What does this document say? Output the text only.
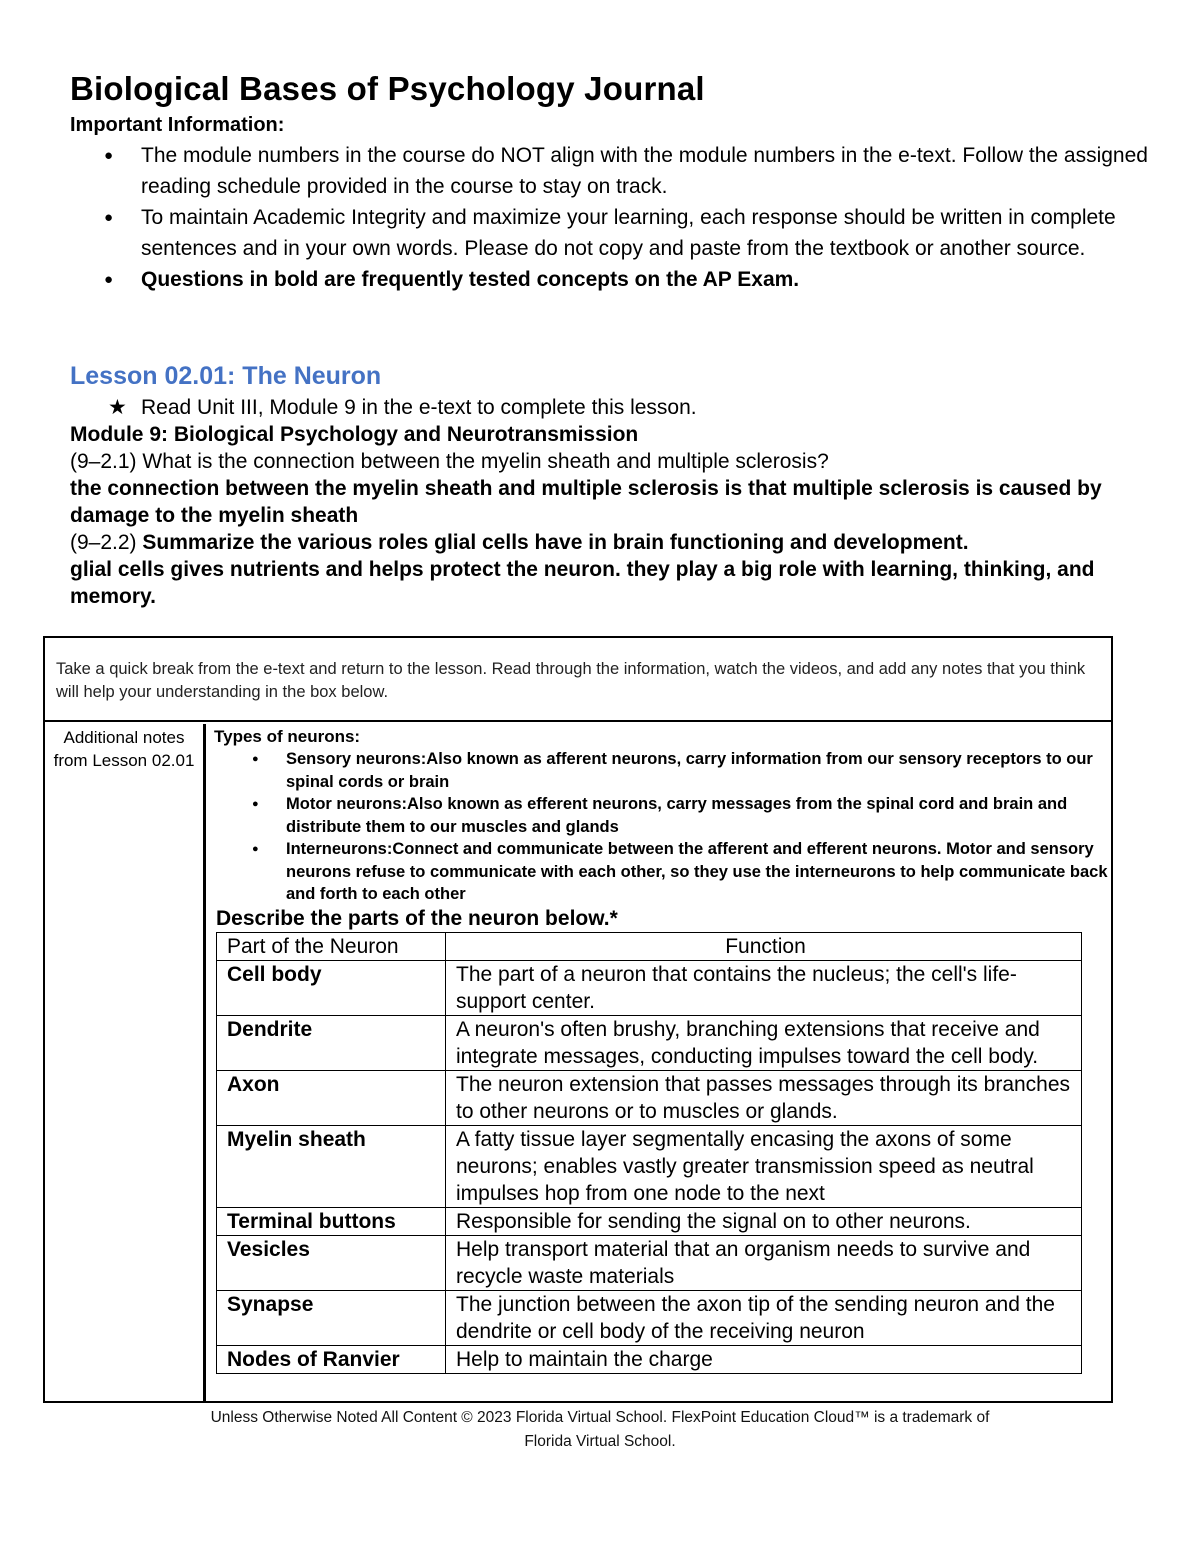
Biological Bases of Psychology Journal
Important Information:
● The module numbers in the course do NOT align with the module numbers in the e-text. Follow the assigned reading schedule provided in the course to stay on track.
● To maintain Academic Integrity and maximize your learning, each response should be written in complete sentences and in your own words. Please do not copy and paste from the textbook or another source.
● Questions in bold are frequently tested concepts on the AP Exam.
Lesson 02.01: The Neuron
★ Read Unit III, Module 9 in the e-text to complete this lesson.

Module 9: Biological Psychology and Neurotransmission

(9–2.1) What is the connection between the myelin sheath and multiple sclerosis?

the connection between the myelin sheath and multiple sclerosis is that multiple sclerosis is caused by damage to the myelin sheath

(9–2.2) Summarize the various roles glial cells have in brain functioning and development.

glial cells gives nutrients and helps protect the neuron. they play a big role with learning, thinking, and memory.

Take a quick break from the e-text and return to the lesson. Read through the information, watch the videos, and add any notes that you think will help your understanding in the box below.
Additional notes from Lesson 02.01
Types of neurons:
● Sensory neurons:Also known as afferent neurons, carry information from our sensory receptors to our spinal cords or brain
● Motor neurons:Also known as efferent neurons, carry messages from the spinal cord and brain and distribute them to our muscles and glands
● Interneurons:Connect and communicate between the afferent and efferent neurons. Motor and sensory neurons refuse to communicate with each other, so they use the interneurons to help communicate back and forth to each other
Describe the parts of the neuron below.*
Part of the Neuron	Function
Cell body	The part of a neuron that contains the nucleus; the cell's life-support center.
Dendrite	A neuron's often brushy, branching extensions that receive and integrate messages, conducting impulses toward the cell body.
Axon	The neuron extension that passes messages through its branches to other neurons or to muscles or glands.
Myelin sheath	A fatty tissue layer segmentally encasing the axons of some neurons; enables vastly greater transmission speed as neutral impulses hop from one node to the next
Terminal buttons	Responsible for sending the signal on to other neurons.
Vesicles	Help transport material that an organism needs to survive and recycle waste materials
Synapse	The junction between the axon tip of the sending neuron and the dendrite or cell body of the receiving neuron
Nodes of Ranvier	Help to maintain the charge
Unless Otherwise Noted All Content © 2023 Florida Virtual School. FlexPoint Education Cloud™ is a trademark of
Florida Virtual School.
